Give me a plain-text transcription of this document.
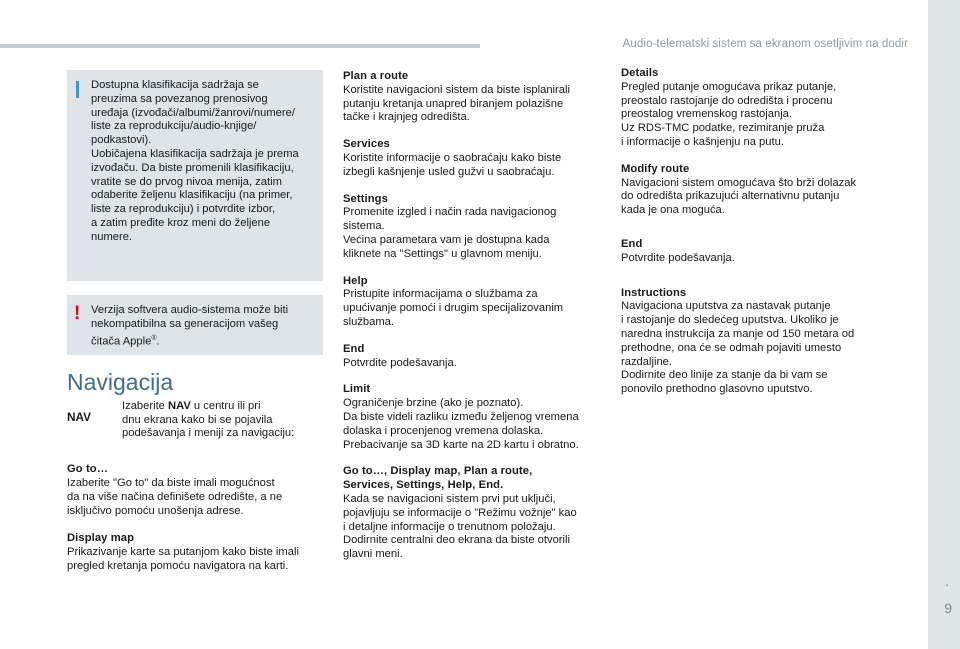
Audio-telematski sistem sa ekranom osetljivim na dodir
.
9

Dostupna klasifikacija sadržaja se
preuzima sa povezanog prenosivog
uređaja (izvođači/albumi/žanrovi/numere/
liste za reprodukciju/audio-knjige/
podkastovi).
Uobičajena klasifikacija sadržaja je prema
izvođaču. Da biste promenili klasifikaciju,
vratite se do prvog nivoa menija, zatim
odaberite željenu klasifikaciju (na primer,
liste za reprodukciju) i potvrdite izbor,
a zatim pređite kroz meni do željene
numere.

! Verzija softvera audio-sistema može biti
nekompatibilna sa generacijom vašeg
čitača Apple®.

Navigacija
NAV

Izaberite NAV u centru ili pri
dnu ekrana kako bi se pojavila
podešavanja i meniji za navigaciju:

Go to…

Izaberite "Go to" da biste imali mogućnost
da na više načina definišete odredište, a ne
isključivo pomoću unošenja adrese.

Display map

Prikazivanje karte sa putanjom kako biste imali
pregled kretanja pomoću navigatora na karti.

Plan a route

Koristite navigacioni sistem da biste isplanirali
putanju kretanja unapred biranjem polazišne
tačke i krajnjeg odredišta.

Services

Koristite informacije o saobraćaju kako biste
izbegli kašnjenje usled gužvi u saobraćaju.

Settings

Promenite izgled i način rada navigacionog
sistema.
Većina parametara vam je dostupna kada
kliknete na "Settings" u glavnom meniju.

Help

Pristupite informacijama o službama za
upućivanje pomoći i drugim specijalizovanim
službama.

End

Potvrdite podešavanja.

Limit

Ograničenje brzine (ako je poznato).
Da biste videli razliku između željenog vremena
dolaska i procenjenog vremena dolaska.
Prebacivanje sa 3D karte na 2D kartu i obratno.

Go to…, Display map, Plan a route,
Services, Settings, Help, End.

Kada se navigacioni sistem prvi put uključi,
pojavljuju se informacije o "Režimu vožnje" kao
i detaljne informacije o trenutnom položaju.
Dodirnite centralni deo ekrana da biste otvorili
glavni meni.

Details

Pregled putanje omogućava prikaz putanje,
preostalo rastojanje do odredišta i procenu
preostalog vremenskog rastojanja.
Uz RDS-TMC podatke, rezimiranje pruža
i informacije o kašnjenju na putu.

Modify route

Navigacioni sistem omogućava što brži dolazak
do odredišta prikazujući alternativnu putanju
kada je ona moguća.

End

Potvrdite podešavanja.

Instructions

Navigaciona uputstva za nastavak putanje
i rastojanje do sledećeg uputstva. Ukoliko je
naredna instrukcija za manje od 150 metara od
prethodne, ona će se odmah pojaviti umesto
razdaljine.
Dodirnite deo linije za stanje da bi vam se
ponovilo prethodno glasovno uputstvo.
